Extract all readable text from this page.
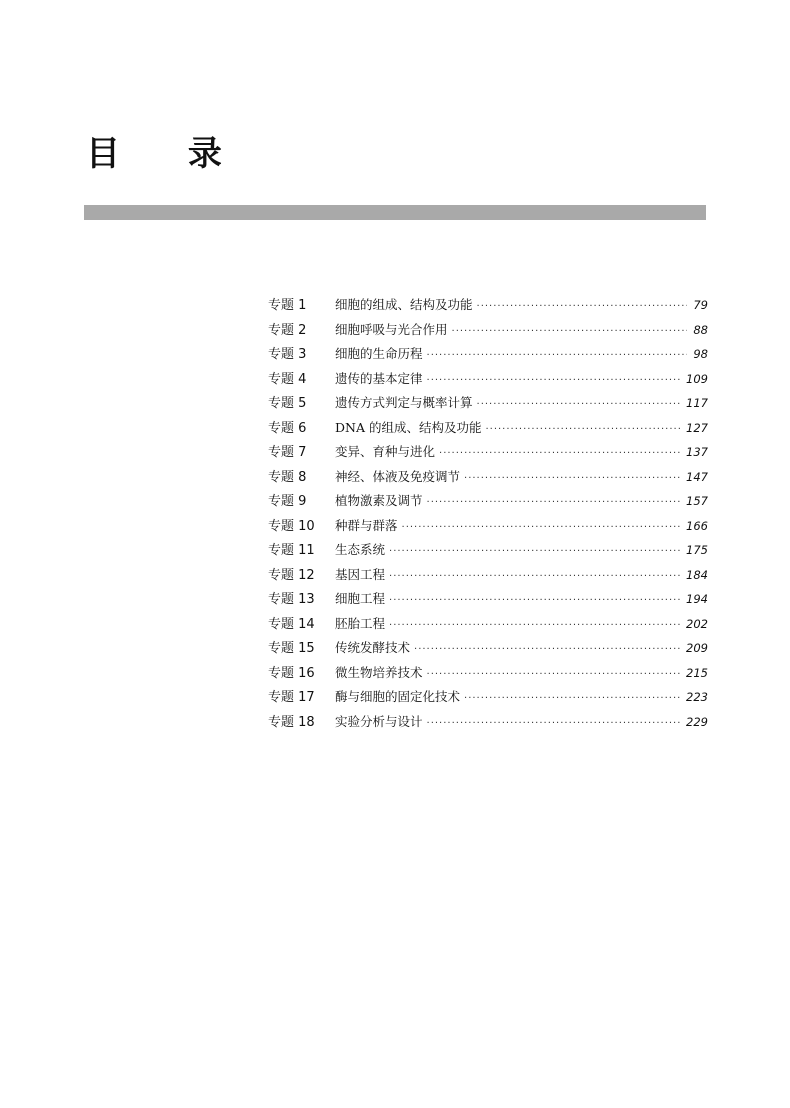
目 录
专题 1	细胞的组成、结构及功能 ·····	79
专题 2	细胞呼吸与光合作用 ·····	88
专题 3	细胞的生命历程 ·····	98
专题 4	遗传的基本定律 ·····	109
专题 5	遗传方式判定与概率计算 ·····	117
专题 6	DNA 的组成、结构及功能 ·····	127
专题 7	变异、育种与进化 ·····	137
专题 8	神经、体液及免疫调节 ·····	147
专题 9	植物激素及调节 ·····	157
专题 10	种群与群落 ·····	166
专题 11	生态系统 ·····	175
专题 12	基因工程 ·····	184
专题 13	细胞工程 ·····	194
专题 14	胚胎工程 ·····	202
专题 15	传统发酵技术 ·····	209
专题 16	微生物培养技术 ·····	215
专题 17	酶与细胞的固定化技术 ·····	223
专题 18	实验分析与设计 ·····	229
